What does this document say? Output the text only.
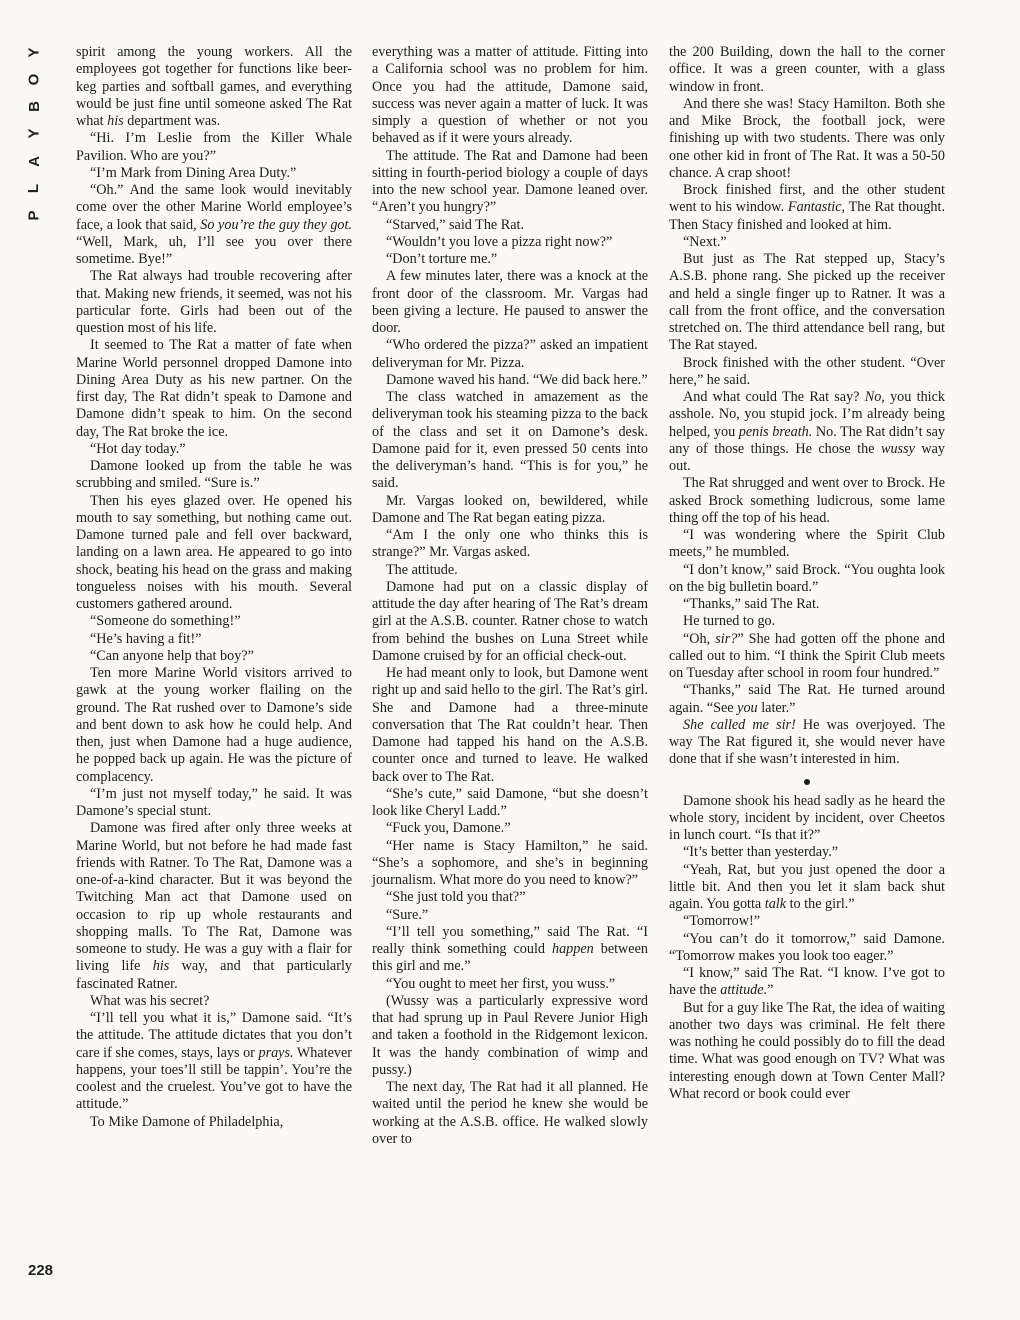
Y
O
B
Y
A
L
P

spirit among the young workers. All the employees got together for functions like beer-keg parties and softball games, and everything would be just fine until someone asked The Rat what his department was.

“Hi. I’m Leslie from the Killer Whale Pavilion. Who are you?”

“I’m Mark from Dining Area Duty.”

“Oh.” And the same look would inevitably come over the other Marine World employee’s face, a look that said, So you’re the guy they got. “Well, Mark, uh, I’ll see you over there sometime. Bye!”

The Rat always had trouble recovering after that. Making new friends, it seemed, was not his particular forte. Girls had been out of the question most of his life.

It seemed to The Rat a matter of fate when Marine World personnel dropped Damone into Dining Area Duty as his new partner. On the first day, The Rat didn’t speak to Damone and Damone didn’t speak to him. On the second day, The Rat broke the ice.

“Hot day today.”

Damone looked up from the table he was scrubbing and smiled. “Sure is.”

Then his eyes glazed over. He opened his mouth to say something, but nothing came out. Damone turned pale and fell over backward, landing on a lawn area. He appeared to go into shock, beating his head on the grass and making tongueless noises with his mouth. Several customers gathered around.

“Someone do something!”

“He’s having a fit!”

“Can anyone help that boy?”

Ten more Marine World visitors arrived to gawk at the young worker flailing on the ground. The Rat rushed over to Damone’s side and bent down to ask how he could help. And then, just when Damone had a huge audience, he popped back up again. He was the picture of complacency.

“I’m just not myself today,” he said. It was Damone’s special stunt.

Damone was fired after only three weeks at Marine World, but not before he had made fast friends with Ratner. To The Rat, Damone was a one-of-a-kind character. But it was beyond the Twitching Man act that Damone used on occasion to rip up whole restaurants and shopping malls. To The Rat, Damone was someone to study. He was a guy with a flair for living life his way, and that particularly fascinated Ratner.

What was his secret?

“I’ll tell you what it is,” Damone said. “It’s the attitude. The attitude dictates that you don’t care if she comes, stays, lays or prays. Whatever happens, your toes’ll still be tappin’. You’re the coolest and the cruelest. You’ve got to have the attitude.”

To Mike Damone of Philadelphia,

everything was a matter of attitude. Fitting into a California school was no problem for him. Once you had the attitude, Damone said, success was never again a matter of luck. It was simply a question of whether or not you behaved as if it were yours already.

The attitude. The Rat and Damone had been sitting in fourth-period biology a couple of days into the new school year. Damone leaned over. “Aren’t you hungry?”

“Starved,” said The Rat.

“Wouldn’t you love a pizza right now?”

“Don’t torture me.”

A few minutes later, there was a knock at the front door of the classroom. Mr. Vargas had been giving a lecture. He paused to answer the door.

“Who ordered the pizza?” asked an impatient deliveryman for Mr. Pizza.

Damone waved his hand. “We did back here.”

The class watched in amazement as the deliveryman took his steaming pizza to the back of the class and set it on Damone’s desk. Damone paid for it, even pressed 50 cents into the deliveryman’s hand. “This is for you,” he said.

Mr. Vargas looked on, bewildered, while Damone and The Rat began eating pizza.

“Am I the only one who thinks this is strange?” Mr. Vargas asked.

The attitude.

Damone had put on a classic display of attitude the day after hearing of The Rat’s dream girl at the A.S.B. counter. Ratner chose to watch from behind the bushes on Luna Street while Damone cruised by for an official check-out.

He had meant only to look, but Damone went right up and said hello to the girl. The Rat’s girl. She and Damone had a three-minute conversation that The Rat couldn’t hear. Then Damone had tapped his hand on the A.S.B. counter once and turned to leave. He walked back over to The Rat.

“She’s cute,” said Damone, “but she doesn’t look like Cheryl Ladd.”

“Fuck you, Damone.”

“Her name is Stacy Hamilton,” he said. “She’s a sophomore, and she’s in beginning journalism. What more do you need to know?”

“She just told you that?”

“Sure.”

“I’ll tell you something,” said The Rat. “I really think something could happen between this girl and me.”

“You ought to meet her first, you wuss.”

(Wussy was a particularly expressive word that had sprung up in Paul Revere Junior High and taken a foothold in the Ridgemont lexicon. It was the handy combination of wimp and pussy.)

The next day, The Rat had it all planned. He waited until the period he knew she would be working at the A.S.B. office. He walked slowly over to

the 200 Building, down the hall to the corner office. It was a green counter, with a glass window in front.

And there she was! Stacy Hamilton. Both she and Mike Brock, the football jock, were finishing up with two students. There was only one other kid in front of The Rat. It was a 50-50 chance. A crap shoot!

Brock finished first, and the other student went to his window. Fantastic, The Rat thought. Then Stacy finished and looked at him.

“Next.”

But just as The Rat stepped up, Stacy’s A.S.B. phone rang. She picked up the receiver and held a single finger up to Ratner. It was a call from the front office, and the conversation stretched on. The third attendance bell rang, but The Rat stayed.

Brock finished with the other student. “Over here,” he said.

And what could The Rat say? No, you thick asshole. No, you stupid jock. I’m already being helped, you penis breath. No. The Rat didn’t say any of those things. He chose the wussy way out.

The Rat shrugged and went over to Brock. He asked Brock something ludicrous, some lame thing off the top of his head.

“I was wondering where the Spirit Club meets,” he mumbled.

“I don’t know,” said Brock. “You oughta look on the big bulletin board.”

“Thanks,” said The Rat.

He turned to go.

“Oh, sir?” She had gotten off the phone and called out to him. “I think the Spirit Club meets on Tuesday after school in room four hundred.”

“Thanks,” said The Rat. He turned around again. “See you later.”

She called me sir! He was overjoyed. The way The Rat figured it, she would never have done that if she wasn’t interested in him.

Damone shook his head sadly as he heard the whole story, incident by incident, over Cheetos in lunch court. “Is that it?”

“It’s better than yesterday.”

“Yeah, Rat, but you just opened the door a little bit. And then you let it slam back shut again. You gotta talk to the girl.”

“Tomorrow!”

“You can’t do it tomorrow,” said Damone. “Tomorrow makes you look too eager.”

“I know,” said The Rat. “I know. I’ve got to have the attitude.”

But for a guy like The Rat, the idea of waiting another two days was criminal. He felt there was nothing he could possibly do to fill the dead time. What was good enough on TV? What was interesting enough down at Town Center Mall? What record or book could ever

228
